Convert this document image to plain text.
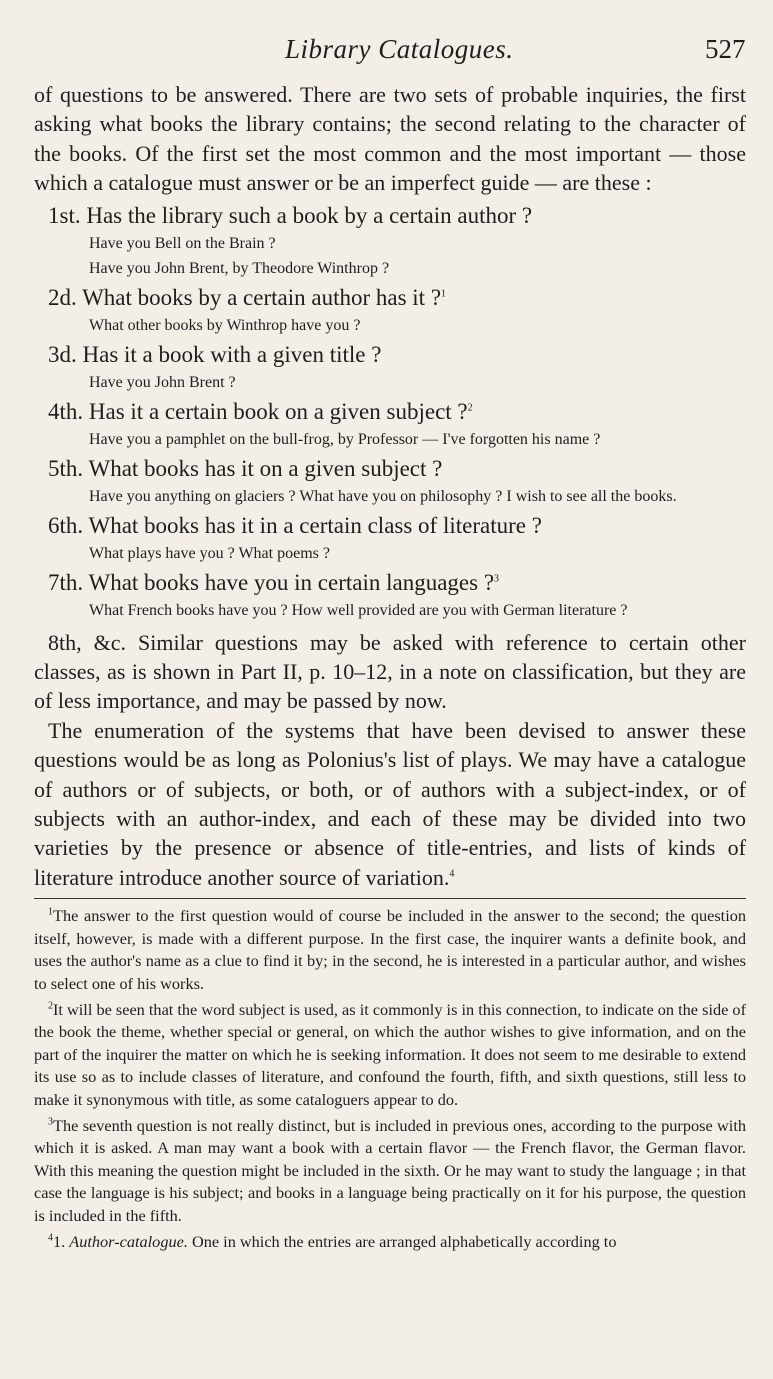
Library Catalogues.	527

of questions to be answered. There are two sets of probable inquiries, the first asking what books the library contains; the second relating to the character of the books. Of the first set the most common and the most important — those which a catalogue must answer or be an imperfect guide — are these :

1st. Has the library such a book by a certain author ?
Have you Bell on the Brain ?
Have you John Brent, by Theodore Winthrop ?
2d. What books by a certain author has it ?$^1$
What other books by Winthrop have you ?
3d. Has it a book with a given title ?
Have you John Brent ?
4th. Has it a certain book on a given subject ?$^2$
Have you a pamphlet on the bull-frog, by Professor — I've forgotten his name ?
5th. What books has it on a given subject ?
Have you anything on glaciers ? What have you on philosophy ? I wish to see all the books.
6th. What books has it in a certain class of literature ?
What plays have you ? What poems ?
7th. What books have you in certain languages ?$^3$
What French books have you ? How well provided are you with German literature ?

8th, &c. Similar questions may be asked with reference to certain other classes, as is shown in Part II, p. 10–12, in a note on classification, but they are of less importance, and may be passed by now.

The enumeration of the systems that have been devised to answer these questions would be as long as Polonius's list of plays. We may have a catalogue of authors or of subjects, or both, or of authors with a subject-index, or of subjects with an author-index, and each of these may be divided into two varieties by the presence or absence of title-entries, and lists of kinds of literature introduce another source of variation.$^4$

$^1$The answer to the first question would of course be included in the answer to the second; the question itself, however, is made with a different purpose. In the first case, the inquirer wants a definite book, and uses the author's name as a clue to find it by; in the second, he is interested in a particular author, and wishes to select one of his works.

$^2$It will be seen that the word subject is used, as it commonly is in this connection, to indicate on the side of the book the theme, whether special or general, on which the author wishes to give information, and on the part of the inquirer the matter on which he is seeking information. It does not seem to me desirable to extend its use so as to include classes of literature, and confound the fourth, fifth, and sixth questions, still less to make it synonymous with title, as some cataloguers appear to do.

$^3$The seventh question is not really distinct, but is included in previous ones, according to the purpose with which it is asked. A man may want a book with a certain flavor — the French flavor, the German flavor. With this meaning the question might be included in the sixth. Or he may want to study the language ; in that case the language is his subject; and books in a language being practically on it for his purpose, the question is included in the fifth.

$^4$1. Author-catalogue. One in which the entries are arranged alphabetically according to
